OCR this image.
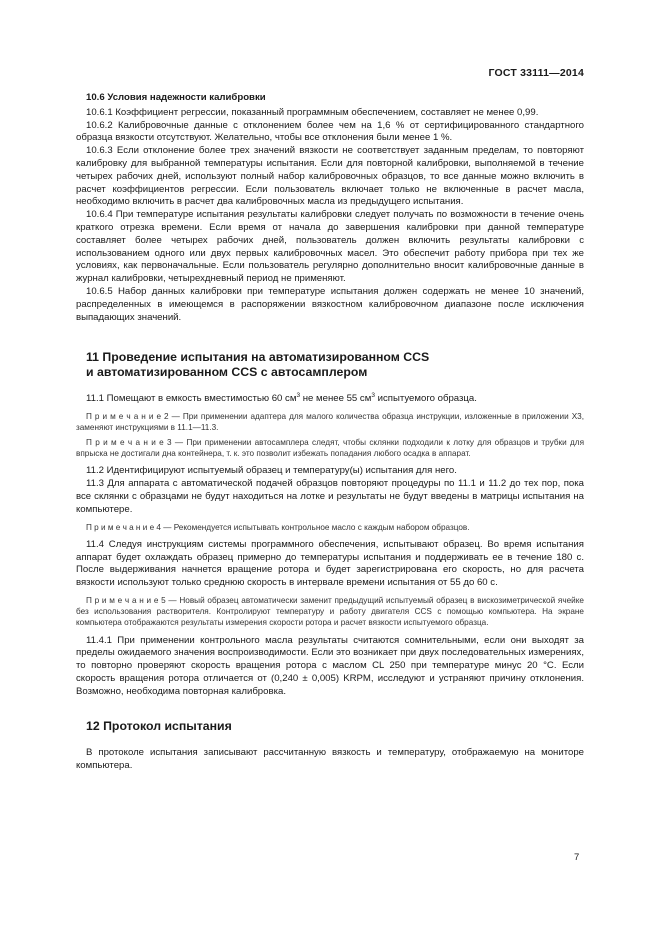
ГОСТ 33111—2014

10.6 Условия надежности калибровки

10.6.1 Коэффициент регрессии, показанный программным обеспечением, составляет не менее 0,99.

10.6.2 Калибровочные данные с отклонением более чем на 1,6 % от сертифицированного стандартного образца вязкости отсутствуют. Желательно, чтобы все отклонения были менее 1 %.

10.6.3 Если отклонение более трех значений вязкости не соответствует заданным пределам, то повторяют калибровку для выбранной температуры испытания. Если для повторной калибровки, выполняемой в течение четырех рабочих дней, используют полный набор калибровочных образцов, то все данные можно включить в расчет коэффициентов регрессии. Если пользователь включает только не включенные в расчет масла, необходимо включить в расчет два калибровочных масла из предыдущего испытания.

10.6.4 При температуре испытания результаты калибровки следует получать по возможности в течение очень краткого отрезка времени. Если время от начала до завершения калибровки при данной температуре составляет более четырех рабочих дней, пользователь должен включить результаты калибровки с использованием одного или двух первых калибровочных масел. Это обеспечит работу прибора при тех же условиях, как первоначальные. Если пользователь регулярно дополнительно вносит калибровочные данные в журнал калибровки, четырехдневный период не применяют.

10.6.5 Набор данных калибровки при температуре испытания должен содержать не менее 10 значений, распределенных в имеющемся в распоряжении вязкостном калибровочном диапазоне после исключения выпадающих значений.

11 Проведение испытания на автоматизированном CCS

и автоматизированном CCS с автосамплером

11.1 Помещают в емкость вместимостью 60 $см^3$ не менее 55 $см^3$ испытуемого образца.

П р и м е ч а н и е 2 — При применении адаптера для малого количества образца инструкции, изложенные в приложении Х3, заменяют инструкциями в 11.1—11.3.

П р и м е ч а н и е 3 — При применении автосамплера следят, чтобы склянки подходили к лотку для образцов и трубки для впрыска не достигали дна контейнера, т. к. это позволит избежать попадания любого осадка в аппарат.

11.2 Идентифицируют испытуемый образец и температуру(ы) испытания для него.

11.3 Для аппарата с автоматической подачей образцов повторяют процедуры по 11.1 и 11.2 до тех пор, пока все склянки с образцами не будут находиться на лотке и результаты не будут введены в матрицы испытания на компьютере.

П р и м е ч а н и е 4 — Рекомендуется испытывать контрольное масло с каждым набором образцов.

11.4 Следуя инструкциям системы программного обеспечения, испытывают образец. Во время испытания аппарат будет охлаждать образец примерно до температуры испытания и поддерживать ее в течение 180 с. После выдерживания начнется вращение ротора и будет зарегистрирована его скорость, но для расчета вязкости используют только среднюю скорость в интервале времени испытания от 55 до 60 с.

П р и м е ч а н и е 5 — Новый образец автоматически заменит предыдущий испытуемый образец в вискозиметрической ячейке без использования растворителя. Контролируют температуру и работу двигателя CCS с помощью компьютера. На экране компьютера отображаются результаты измерения скорости ротора и расчет вязкости испытуемого образца.

11.4.1 При применении контрольного масла результаты считаются сомнительными, если они выходят за пределы ожидаемого значения воспроизводимости. Если это возникает при двух последовательных измерениях, то повторно проверяют скорость вращения ротора с маслом CL 250 при температуре минус 20 °С. Если скорость вращения ротора отличается от (0,240 ± 0,005) KRPM, исследуют и устраняют причину отклонения. Возможно, необходима повторная калибровка.

12 Протокол испытания

В протоколе испытания записывают рассчитанную вязкость и температуру, отображаемую на мониторе компьютера.

7
